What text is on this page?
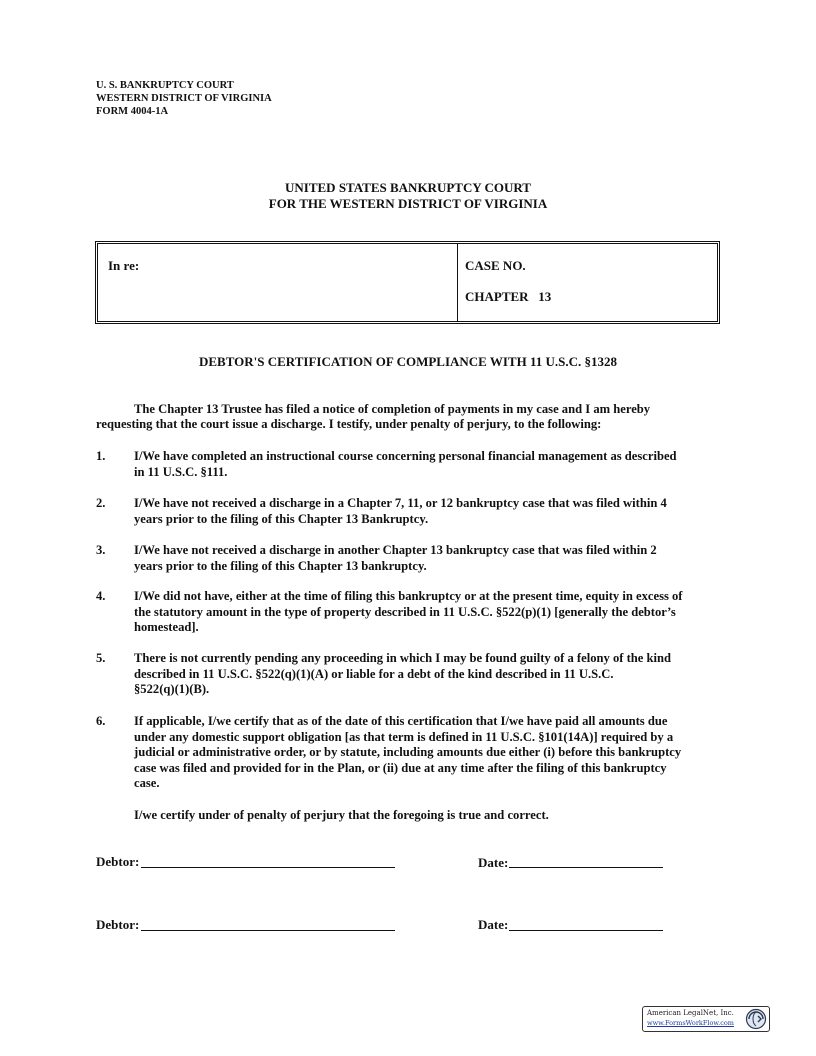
U. S. BANKRUPTCY COURT
WESTERN DISTRICT OF VIRGINIA
FORM 4004-1A
UNITED STATES BANKRUPTCY COURT
FOR THE WESTERN DISTRICT OF VIRGINIA
In re:	CASE NO.
CHAPTER   13
DEBTOR'S CERTIFICATION OF COMPLIANCE WITH 11 U.S.C. §1328
The Chapter 13 Trustee has filed a notice of completion of payments in my case and I am hereby
requesting that the court issue a discharge. I testify, under penalty of perjury, to the following:
1. I/We have completed an instructional course concerning personal financial management as described
in 11 U.S.C. §111.
2. I/We have not received a discharge in a Chapter 7, 11, or 12 bankruptcy case that was filed within 4
years prior to the filing of this Chapter 13 Bankruptcy.
3. I/We have not received a discharge in another Chapter 13 bankruptcy case that was filed within 2
years prior to the filing of this Chapter 13 bankruptcy.
4. I/We did not have, either at the time of filing this bankruptcy or at the present time, equity in excess of
the statutory amount in the type of property described in 11 U.S.C. §522(p)(1) [generally the debtor’s
homestead].
5. There is not currently pending any proceeding in which I may be found guilty of a felony of the kind
described in 11 U.S.C. §522(q)(1)(A) or liable for a debt of the kind described in 11 U.S.C.
§522(q)(1)(B).
6. If applicable, I/we certify that as of the date of this certification that I/we have paid all amounts due
under any domestic support obligation [as that term is defined in 11 U.S.C. §101(14A)] required by a
judicial or administrative order, or by statute, including amounts due either (i) before this bankruptcy
case was filed and provided for in the Plan, or (ii) due at any time after the filing of this bankruptcy
case.
I/we certify under of penalty of perjury that the foregoing is true and correct.
Debtor:	Date:
Debtor:	Date:
American LegalNet, Inc.
www.FormsWorkFlow.com
